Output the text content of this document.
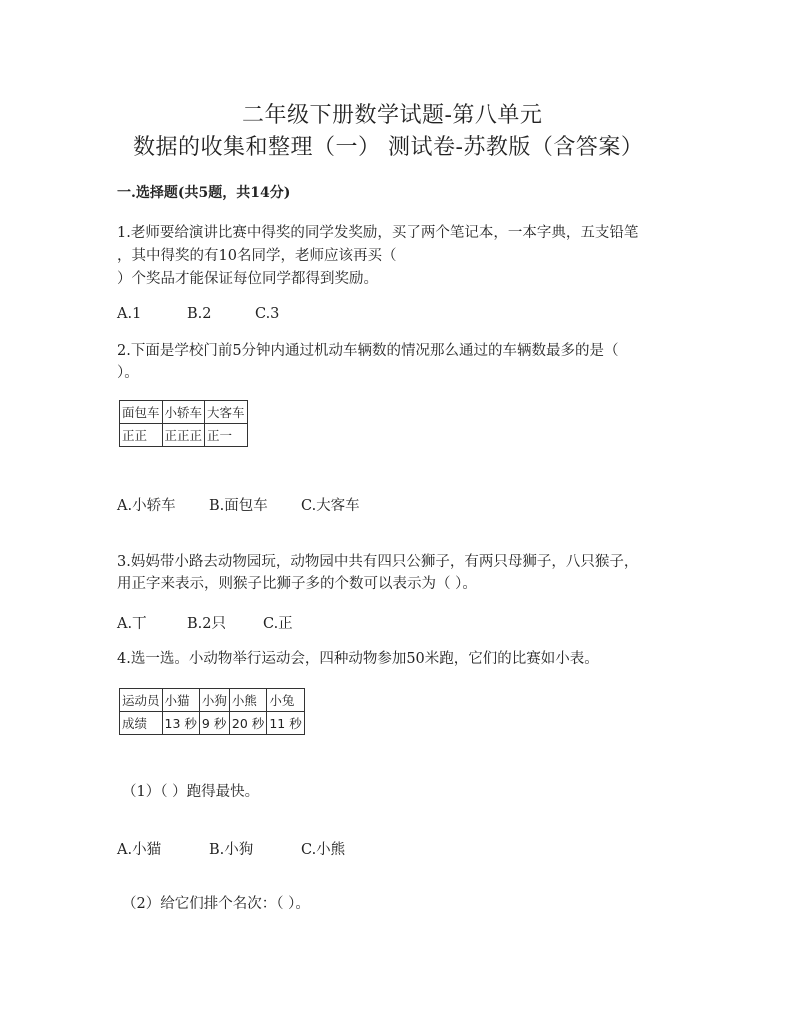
二年级下册数学试题-第八单元
数据的收集和整理（一） 测试卷-苏教版（含答案）
一.选择题(共5题，共14分)
1.老师要给演讲比赛中得奖的同学发奖励，买了两个笔记本，一本字典，五支铅笔
，其中得奖的有10名同学，老师应该再买（
）个奖品才能保证每位同学都得到奖励。
A.1	B.2	C.3
2.下面是学校门前5分钟内通过机动车辆数的情况那么通过的车辆数最多的是（
）。
面包车	小轿车	大客车
正正	正正正	正一
A.小轿车 B.面包车 C.大客车
3.妈妈带小路去动物园玩，动物园中共有四只公狮子，有两只母狮子，八只猴子，
用正字来表示，则猴子比狮子多的个数可以表示为（ ）。
A.丅	B.2只	C.正
4.选一选。小动物举行运动会，四种动物参加50米跑，它们的比赛如小表。
运动员	小猫	小狗	小熊	小兔
成绩	13 秒	9 秒	20 秒	11 秒
（1）（ ）跑得最快。
A.小猫	B.小狗	C.小熊
（2）给它们排个名次：（ ）。
